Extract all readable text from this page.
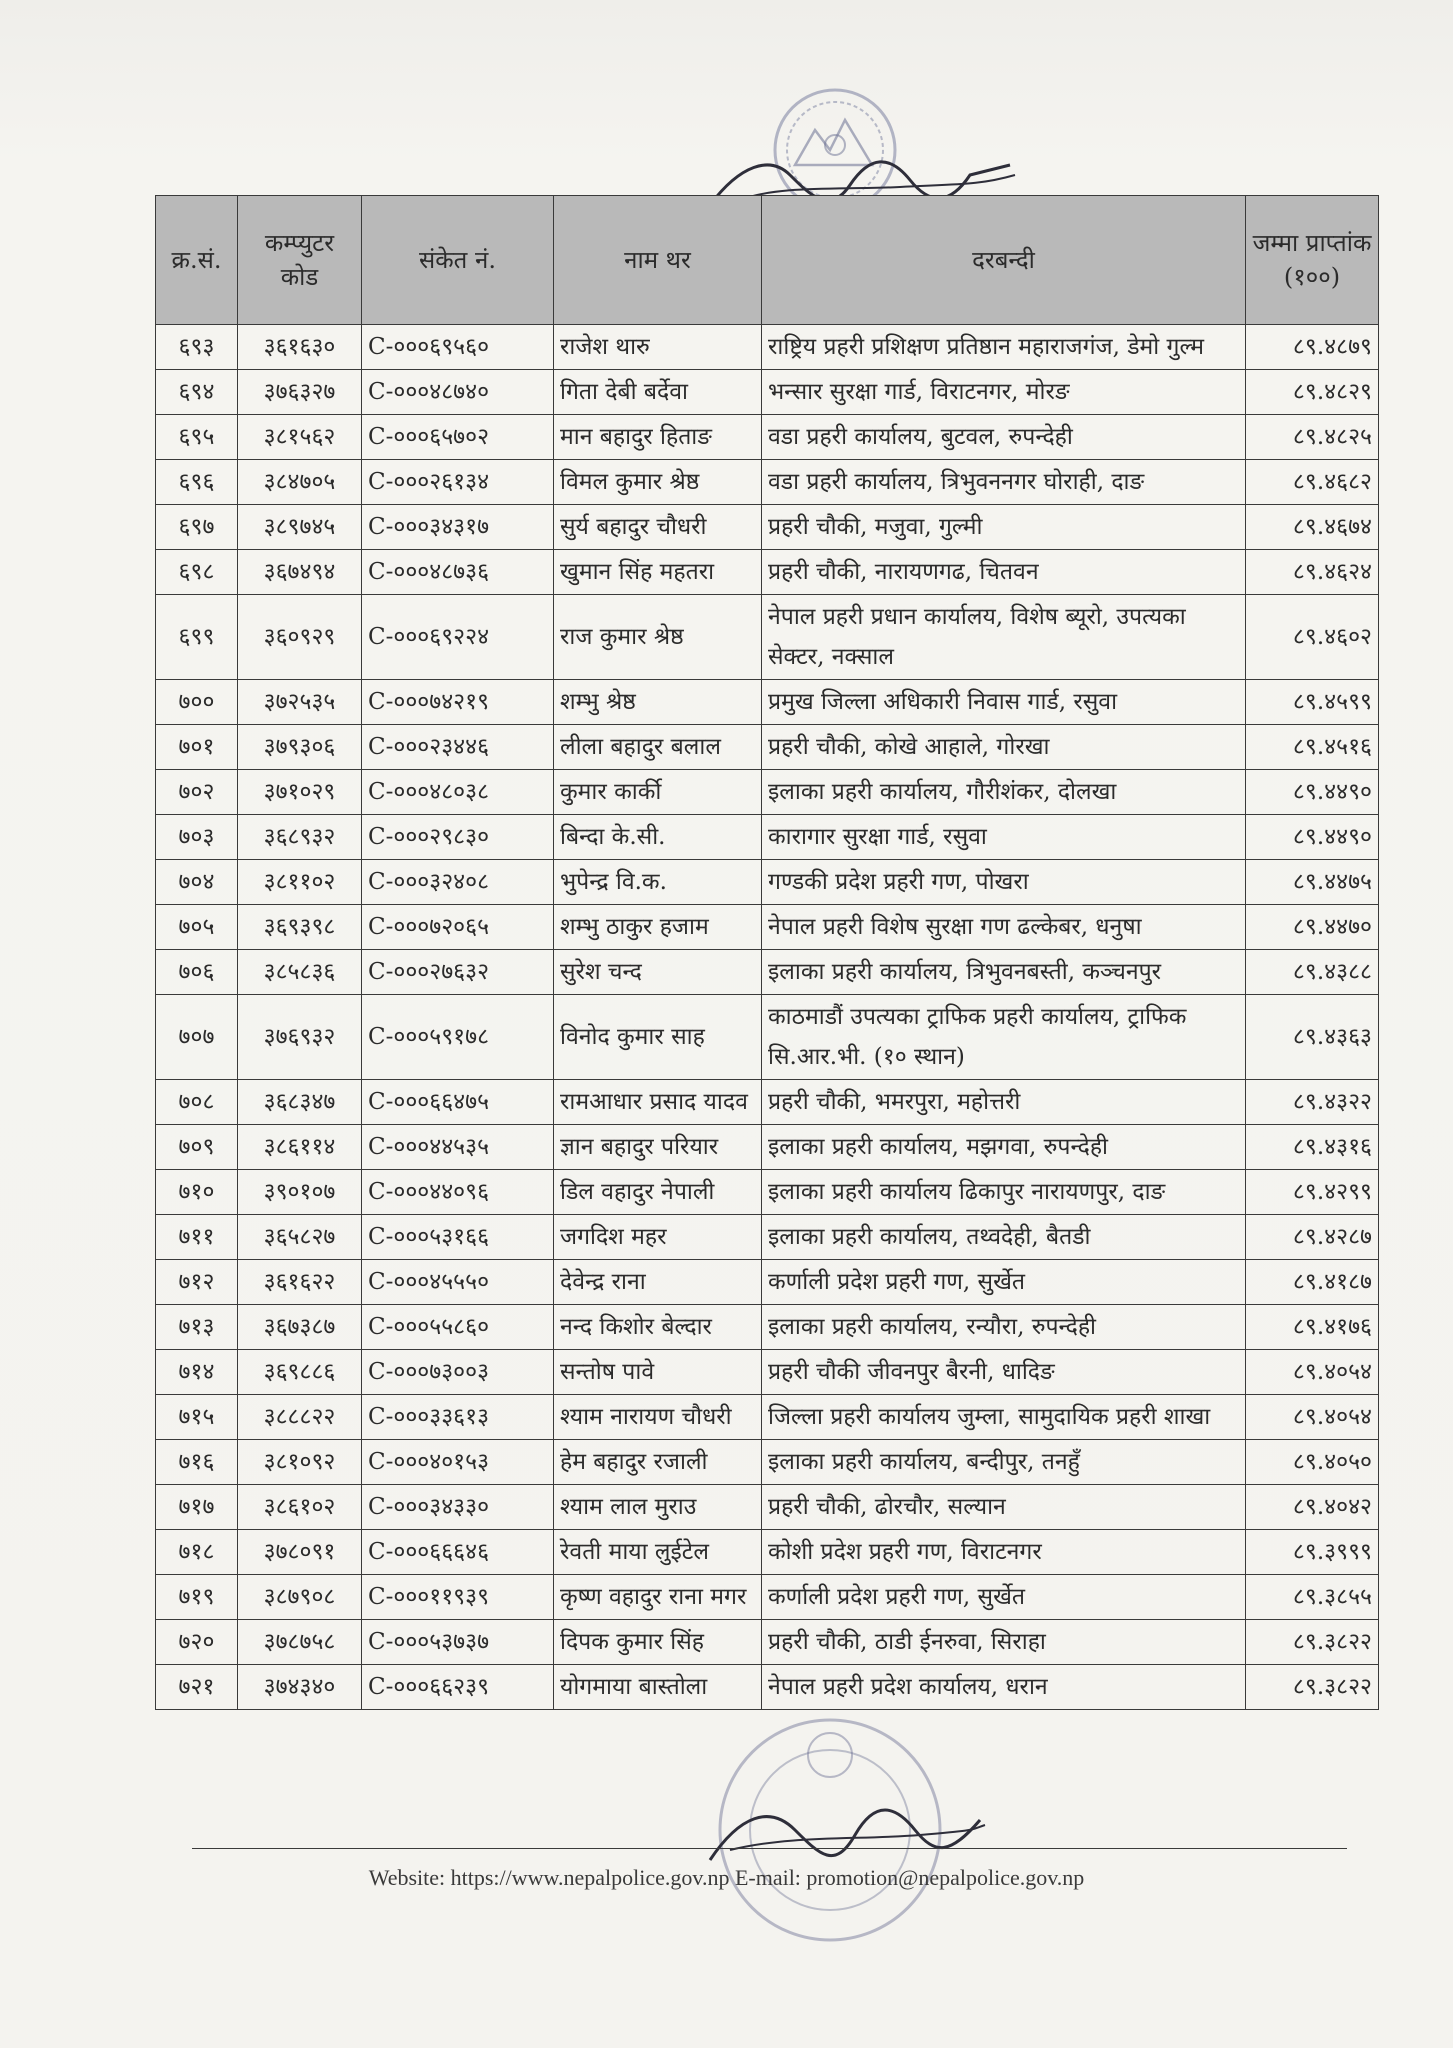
क्र.सं.	कम्प्युटर कोड	संकेत नं.	नाम थर	दरबन्दी	जम्मा प्राप्तांक (१००)
६९३	३६१६३०	C-०००६९५६०	राजेश थारु	राष्ट्रिय प्रहरी प्रशिक्षण प्रतिष्ठान महाराजगंज, डेमो गुल्म	८९.४८७९
६९४	३७६३२७	C-०००४८७४०	गिता देबी बर्देवा	भन्सार सुरक्षा गार्ड, विराटनगर, मोरङ	८९.४८२९
६९५	३८१५६२	C-०००६५७०२	मान बहादुर हिताङ	वडा प्रहरी कार्यालय, बुटवल, रुपन्देही	८९.४८२५
६९६	३८४७०५	C-०००२६१३४	विमल कुमार श्रेष्ठ	वडा प्रहरी कार्यालय, त्रिभुवननगर घोराही, दाङ	८९.४६८२
६९७	३८९७४५	C-०००३४३१७	सुर्य बहादुर चौधरी	प्रहरी चौकी, मजुवा, गुल्मी	८९.४६७४
६९८	३६७४९४	C-०००४८७३६	खुमान सिंह महतरा	प्रहरी चौकी, नारायणगढ, चितवन	८९.४६२४
६९९	३६०९२९	C-०००६९२२४	राज कुमार श्रेष्ठ	नेपाल प्रहरी प्रधान कार्यालय, विशेष ब्यूरो, उपत्यका सेक्टर, नक्साल	८९.४६०२
७००	३७२५३५	C-०००७४२१९	शम्भु श्रेष्ठ	प्रमुख जिल्ला अधिकारी निवास गार्ड, रसुवा	८९.४५९९
७०१	३७९३०६	C-०००२३४४६	लीला बहादुर बलाल	प्रहरी चौकी, कोखे आहाले, गोरखा	८९.४५१६
७०२	३७१०२९	C-०००४८०३८	कुमार कार्की	इलाका प्रहरी कार्यालय, गौरीशंकर, दोलखा	८९.४४९०
७०३	३६८९३२	C-०००२९८३०	बिन्दा के.सी.	कारागार सुरक्षा गार्ड, रसुवा	८९.४४९०
७०४	३८११०२	C-०००३२४०८	भुपेन्द्र वि.क.	गण्डकी प्रदेश प्रहरी गण, पोखरा	८९.४४७५
७०५	३६९३९८	C-०००७२०६५	शम्भु ठाकुर हजाम	नेपाल प्रहरी विशेष सुरक्षा गण ढल्केबर, धनुषा	८९.४४७०
७०६	३८५८३६	C-०००२७६३२	सुरेश चन्द	इलाका प्रहरी कार्यालय, त्रिभुवनबस्ती, कञ्चनपुर	८९.४३८८
७०७	३७६९३२	C-०००५९१७८	विनोद कुमार साह	काठमाडौं उपत्यका ट्राफिक प्रहरी कार्यालय, ट्राफिक सि.आर.भी. (१० स्थान)	८९.४३६३
७०८	३६८३४७	C-०००६६४७५	रामआधार प्रसाद यादव	प्रहरी चौकी, भमरपुरा, महोत्तरी	८९.४३२२
७०९	३८६११४	C-०००४४५३५	ज्ञान बहादुर परियार	इलाका प्रहरी कार्यालय, मझगवा, रुपन्देही	८९.४३१६
७१०	३९०१०७	C-०००४४०९६	डिल वहादुर नेपाली	इलाका प्रहरी कार्यालय ढिकापुर नारायणपुर, दाङ	८९.४२९९
७११	३६५८२७	C-०००५३१६६	जगदिश महर	इलाका प्रहरी कार्यालय, तथ्वदेही, बैतडी	८९.४२८७
७१२	३६१६२२	C-०००४५५५०	देवेन्द्र राना	कर्णाली प्रदेश प्रहरी गण, सुर्खेत	८९.४१८७
७१३	३६७३८७	C-०००५५८६०	नन्द किशोर बेल्दार	इलाका प्रहरी कार्यालय, रन्यौरा, रुपन्देही	८९.४१७६
७१४	३६९८८६	C-०००७३००३	सन्तोष पावे	प्रहरी चौकी जीवनपुर बैरनी, धादिङ	८९.४०५४
७१५	३८८८२२	C-०००३३६१३	श्याम नारायण चौधरी	जिल्ला प्रहरी कार्यालय जुम्ला, सामुदायिक प्रहरी शाखा	८९.४०५४
७१६	३८१०९२	C-०००४०१५३	हेम बहादुर रजाली	इलाका प्रहरी कार्यालय, बन्दीपुर, तनहुँ	८९.४०५०
७१७	३८६१०२	C-०००३४३३०	श्याम लाल मुराउ	प्रहरी चौकी, ढोरचौर, सल्यान	८९.४०४२
७१८	३७८०९१	C-०००६६६४६	रेवती माया लुईटेल	कोशी प्रदेश प्रहरी गण, विराटनगर	८९.३९९९
७१९	३८७९०८	C-०००११९३९	कृष्ण वहादुर राना मगर	कर्णाली प्रदेश प्रहरी गण, सुर्खेत	८९.३८५५
७२०	३७८७५८	C-०००५३७३७	दिपक कुमार सिंह	प्रहरी चौकी, ठाडी ईनरुवा, सिराहा	८९.३८२२
७२१	३७४३४०	C-०००६६२३९	योगमाया बास्तोला	नेपाल प्रहरी प्रदेश कार्यालय, धरान	८९.३८२२
Website: https://www.nepalpolice.gov.np E-mail: promotion@nepalpolice.gov.np
